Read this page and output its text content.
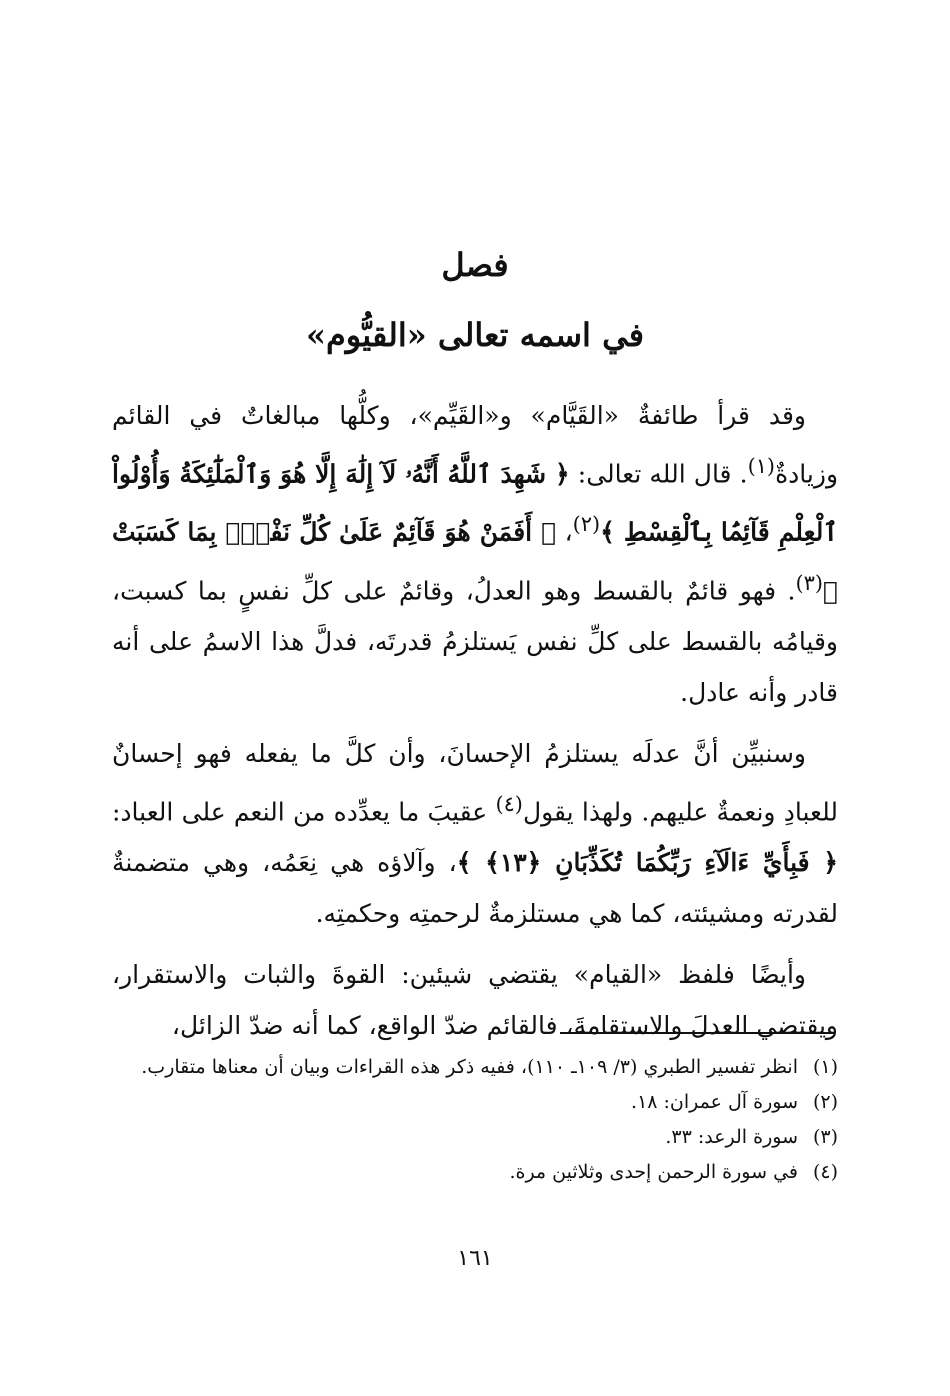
فصل
في اسمه تعالى «القيُّوم»

وقد قرأ طائفةٌ «القَيَّام» و«القَيِّم»، وكلُّها مبالغاتٌ في القائم وزيادةٌ$^{(١)}$. قال الله تعالى: ﴿ شَهِدَ ٱللَّهُ أَنَّهُۥ لَآ إِلَٰهَ إِلَّا هُوَ وَٱلْمَلَٰٓئِكَةُ وَأُوْلُواْ ٱلْعِلْمِ قَآئِمَۢا بِٱلْقِسْطِ ﴾$^{(٢)}$، ﴿ أَفَمَنْ هُوَ قَآئِمٌ عَلَىٰ كُلِّ نَفْسٍۭ بِمَا كَسَبَتْ ﴾$^{(٣)}$. فهو قائمٌ بالقسط وهو العدلُ، وقائمٌ على كلِّ نفسٍ بما كسبت، وقيامُه بالقسط على كلِّ نفس يَستلزمُ قدرتَه، فدلَّ هذا الاسمُ على أنه قادر وأنه عادل.

وسنبيِّن أنَّ عدلَه يستلزمُ الإحسانَ، وأن كلَّ ما يفعله فهو إحسانٌ للعبادِ ونعمةٌ عليهم. ولهذا يقول$^{(٤)}$ عقيبَ ما يعدِّده من النعم على العباد: ﴿ فَبِأَيِّ ءَالَآءِ رَبِّكُمَا تُكَذِّبَانِ ﴿١٣﴾ ﴾، وآلاؤه هي نِعَمُه، وهي متضمنةٌ لقدرته ومشيئته، كما هي مستلزمةٌ لرحمتِه وحكمتِه.

وأيضًا فلفظ «القيام» يقتضي شيئين: القوةَ والثبات والاستقرار، ويقتضي العدلَ والاستقامةَ، فالقائم ضدّ الواقع، كما أنه ضدّ الزائل،

(١)
انظر تفسير الطبري (٣/ ١٠٩ـ ١١٠)، ففيه ذكر هذه القراءات وبيان أن معناها متقارب.
(٢)
سورة آل عمران: ١٨.
(٣)
سورة الرعد: ٣٣.
(٤)
في سورة الرحمن إحدى وثلاثين مرة.
١٦١
